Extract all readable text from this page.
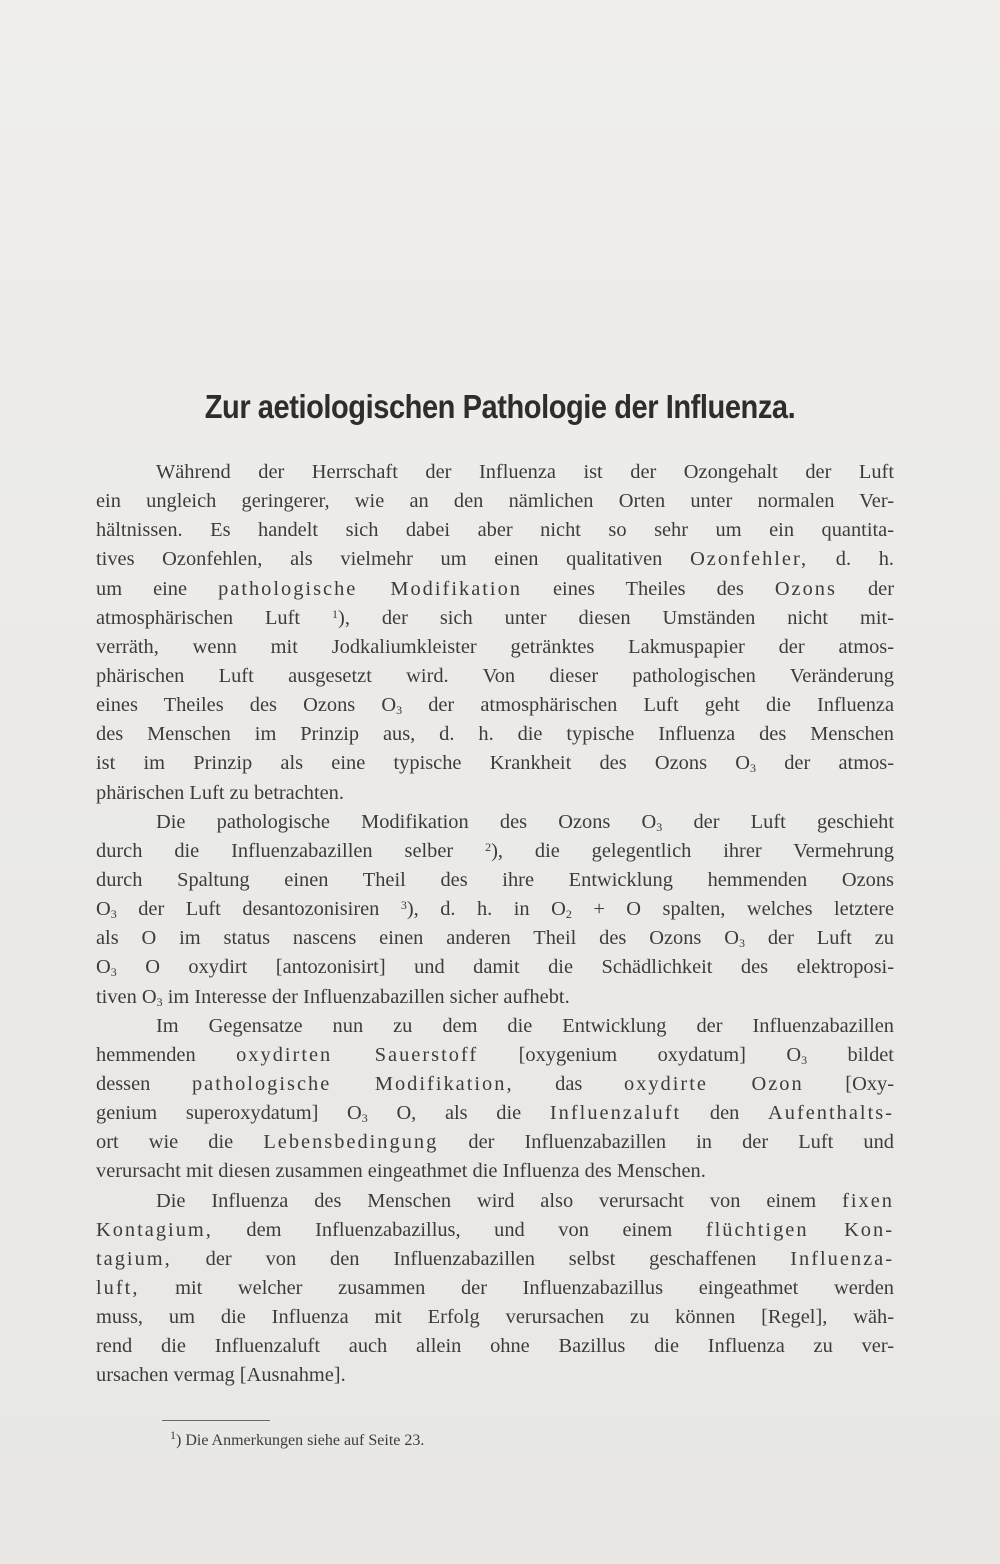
Zur aetiologischen Pathologie der Influenza.
Während der Herrschaft der Influenza ist der Ozongehalt der Luft
ein ungleich geringerer, wie an den nämlichen Orten unter normalen Ver-
hältnissen. Es handelt sich dabei aber nicht so sehr um ein quantita-
tives Ozonfehlen, als vielmehr um einen qualitativen Ozonfehler, d. h.
um eine pathologische Modifikation eines Theiles des Ozons der
atmosphärischen Luft	$^1$), der sich unter diesen Umständen nicht mit-
verräth, wenn mit Jodkaliumkleister getränktes Lakmuspapier der atmos-
phärischen Luft ausgesetzt wird. Von dieser pathologischen Veränderung
eines Theiles des Ozons $O_3$ der atmosphärischen Luft geht die Influenza
des Menschen im Prinzip aus, d. h. die typische Influenza des Menschen
ist im Prinzip als eine typische Krankheit des Ozons $O_3$ der atmos-
phärischen Luft zu betrachten.
Die pathologische Modifikation des Ozons $O_3$ der Luft geschieht
durch die Influenzabazillen selber $^2$), die gelegentlich ihrer Vermehrung
durch Spaltung einen Theil des ihre Entwicklung hemmenden Ozons
$O_3$ der Luft desantozonisiren $^3$), d. h. in $O_2 + O$ spalten, welches letztere
als O im status nascens einen anderen Theil des Ozons $O_3$ der Luft zu
$O_3$ O oxydirt [antozonisirt] und damit die Schädlichkeit des elektroposi-
tiven $O_3$ im Interesse der Influenzabazillen sicher aufhebt.
Im Gegensatze nun zu dem die Entwicklung der Influenzabazillen
hemmenden oxydirten Sauerstoff [oxygenium oxydatum] $O_3$ bildet
dessen pathologische Modifikation, das oxydirte Ozon [Oxy-
genium superoxydatum] $O_3$ O, als die Influenzaluft den Aufenthalts-
ort wie die Lebensbedingung der Influenzabazillen in der Luft und
verursacht mit diesen zusammen eingeathmet die Influenza des Menschen.
Die Influenza des Menschen wird also verursacht von einem fixen
Kontagium, dem Influenzabazillus, und von einem flüchtigen Kon-
tagium, der von den Influenzabazillen selbst geschaffenen Influenza-
luft, mit welcher zusammen der Influenzabazillus eingeathmet werden
muss, um die Influenza mit Erfolg verursachen zu können [Regel], wäh-
rend die Influenzaluft auch allein ohne Bazillus die Influenza zu ver-
ursachen vermag [Ausnahme].
$^1$) Die Anmerkungen siehe auf Seite 23.
